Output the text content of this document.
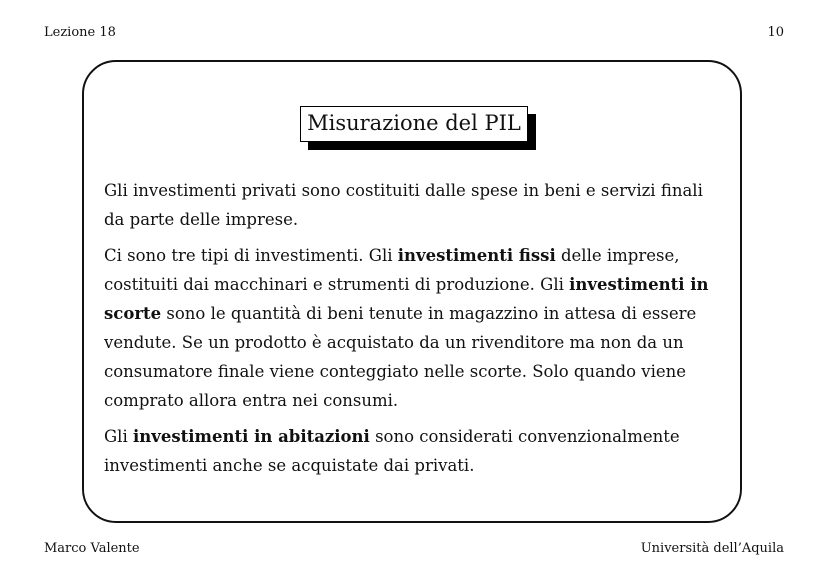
Lezione 18	10
Misurazione del PIL

Gli investimenti privati sono costituiti dalle spese in beni e servizi finali da parte delle imprese.

Ci sono tre tipi di investimenti. Gli investimenti fissi delle imprese, costituiti dai macchinari e strumenti di produzione. Gli investimenti in scorte sono le quantità di beni tenute in magazzino in attesa di essere vendute. Se un prodotto è acquistato da un rivenditore ma non da un consumatore finale viene conteggiato nelle scorte. Solo quando viene comprato allora entra nei consumi.

Gli investimenti in abitazioni sono considerati convenzionalmente investimenti anche se acquistate dai privati.

Marco Valente	Università dell’Aquila
